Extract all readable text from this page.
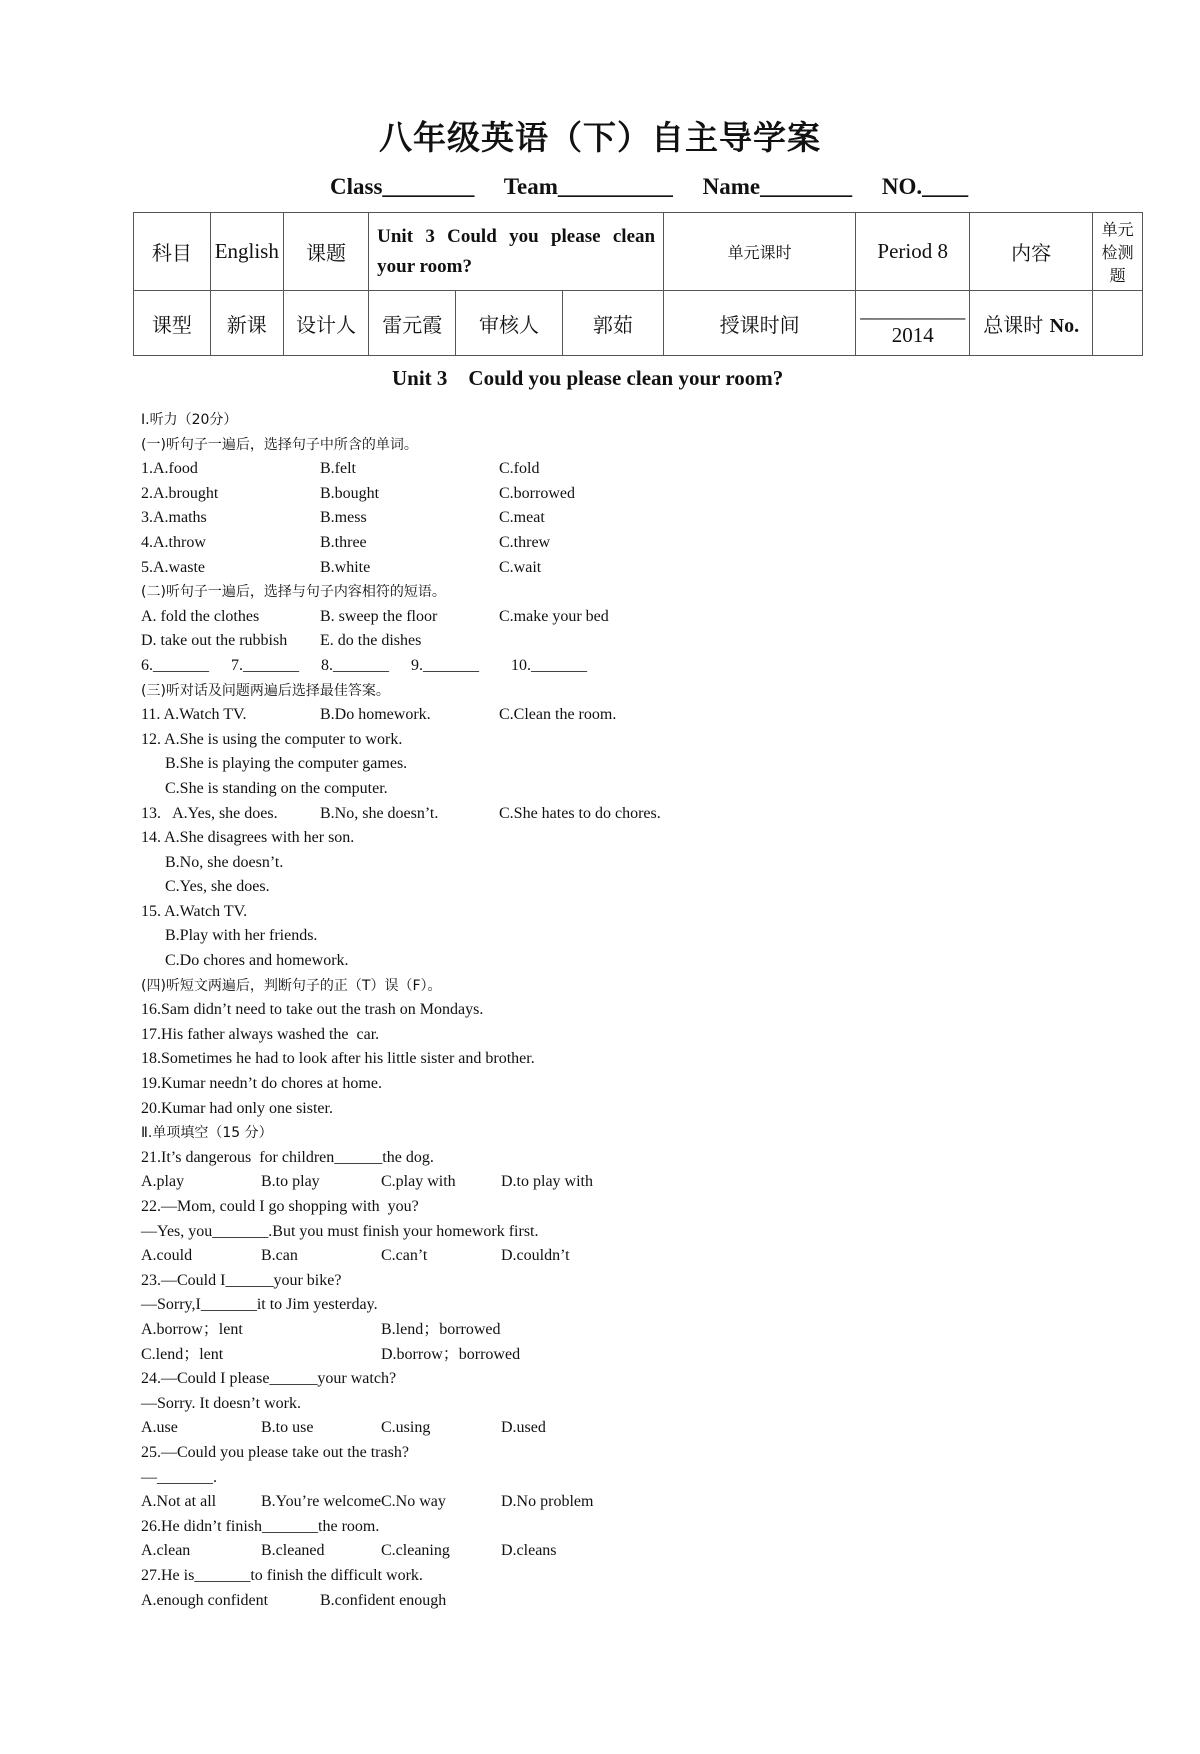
八年级英语（下）自主导学案
Class________ Team__________ Name________ NO.____
科目	English	课题	Unit 3 Could you please clean your room?			单元课时	Period 8	内容	单元检测题
课型	新课	设计人	雷元霞	审核人	郭茹	授课时间	__________ 2014	总课时 No.	
Unit 3    Could you please clean your room?
Ⅰ.听力（20分）
(一)听句子一遍后，选择句子中所含的单词。
1.A.food	B.felt	C.fold
2.A.brought	B.bought	C.borrowed
3.A.maths	B.mess	C.meat
4.A.throw	B.three	C.threw
5.A.waste	B.white	C.wait
(二)听句子一遍后，选择与句子内容相符的短语。
A. fold the clothes	B. sweep the floor	C.make your bed
D. take out the rubbish E. do the dishes
6._______ 7._______ 8._______ 9._______ 10._______
(三)听对话及问题两遍后选择最佳答案。
11. A.Watch TV.	B.Do homework.	C.Clean the room.
12. A.She is using the computer to work.
B.She is playing the computer games.
C.She is standing on the computer.
13.   A.Yes, she does.	B.No, she doesn’t.	C.She hates to do chores.
14. A.She disagrees with her son.
B.No, she doesn’t.
C.Yes, she does.
15. A.Watch TV.
B.Play with her friends.
C.Do chores and homework.
(四)听短文两遍后，判断句子的正（T）误（F）。
16.Sam didn’t need to take out the trash on Mondays.
17.His father always washed the  car.
18.Sometimes he had to look after his little sister and brother.
19.Kumar needn’t do chores at home.
20.Kumar had only one sister.
Ⅱ.单项填空（15 分）
21.It’s dangerous  for children______the dog.
A.play	B.to play	C.play with	D.to play with
22.—Mom, could I go shopping with  you?
—Yes, you_______.But you must finish your homework first.
A.could	B.can	C.can’t	D.couldn’t
23.—Could I______your bike?
—Sorry,I_______it to Jim yesterday.
A.borrow；lent	B.lend；borrowed
C.lend；lent	D.borrow；borrowed
24.—Could I please______your watch?
—Sorry. It doesn’t work.
A.use	B.to use	C.using	D.used
25.—Could you please take out the trash?
—_______.
A.Not at all	B.You’re welcome C.No way	D.No problem
26.He didn’t finish_______the room.
A.clean	B.cleaned	C.cleaning	D.cleans
27.He is_______to finish the difficult work.
A.enough confident	B.confident enough
